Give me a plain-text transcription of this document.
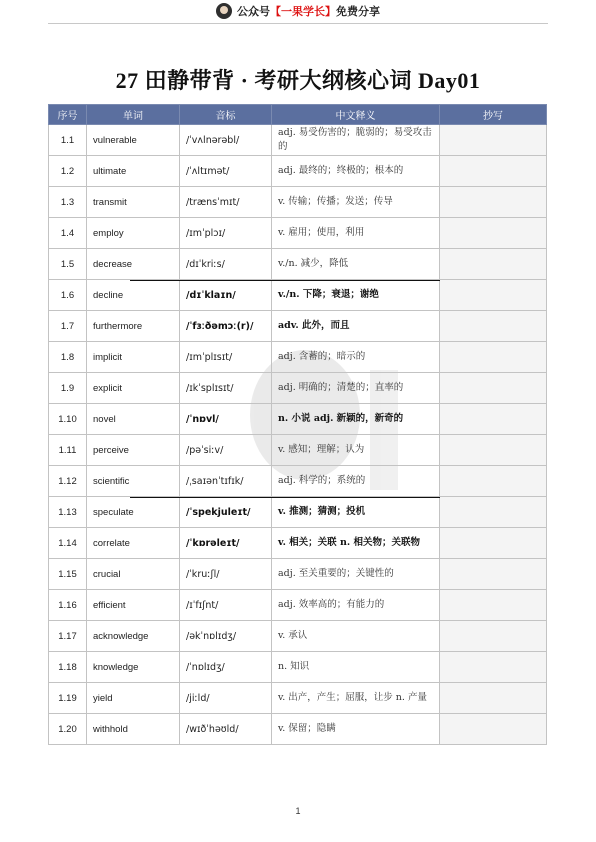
公众号【一果学长】免费分享
27 田静带背 · 考研大纲核心词 Day01
序号	单词	音标	中文释义	抄写
1.1	vulnerable	/ˈvʌlnərəbl/	adj. 易受伤害的；脆弱的；易受攻击的	
1.2	ultimate	/ˈʌltɪmət/	adj. 最终的；终极的；根本的	
1.3	transmit	/trænsˈmɪt/	v. 传输；传播；发送；传导	
1.4	employ	/ɪmˈplɔɪ/	v. 雇用；使用，利用	
1.5	decrease	/dɪˈkriːs/	v./n. 减少，降低	
1.6	decline	/dɪˈklaɪn/	v./n. 下降；衰退；谢绝	
1.7	furthermore	/ˈfɜːðəmɔː(r)/	adv. 此外，而且	
1.8	implicit	/ɪmˈplɪsɪt/	adj. 含蓄的；暗示的	
1.9	explicit	/ɪkˈsplɪsɪt/	adj. 明确的；清楚的；直率的	
1.10	novel	/ˈnɒvl/	n. 小说 adj. 新颖的，新奇的	
1.11	perceive	/pəˈsiːv/	v. 感知；理解；认为	
1.12	scientific	/ˌsaɪənˈtɪfɪk/	adj. 科学的；系统的	
1.13	speculate	/ˈspekjuleɪt/	v. 推测；猜测；投机	
1.14	correlate	/ˈkɒrəleɪt/	v. 相关；关联 n. 相关物；关联物	
1.15	crucial	/ˈkruːʃl/	adj. 至关重要的；关键性的	
1.16	efficient	/ɪˈfɪʃnt/	adj. 效率高的；有能力的	
1.17	acknowledge	/əkˈnɒlɪdʒ/	v. 承认	
1.18	knowledge	/ˈnɒlɪdʒ/	n. 知识	
1.19	yield	/jiːld/	v. 出产，产生；屈服，让步 n. 产量	
1.20	withhold	/wɪðˈhəʊld/	v. 保留；隐瞒	
1
